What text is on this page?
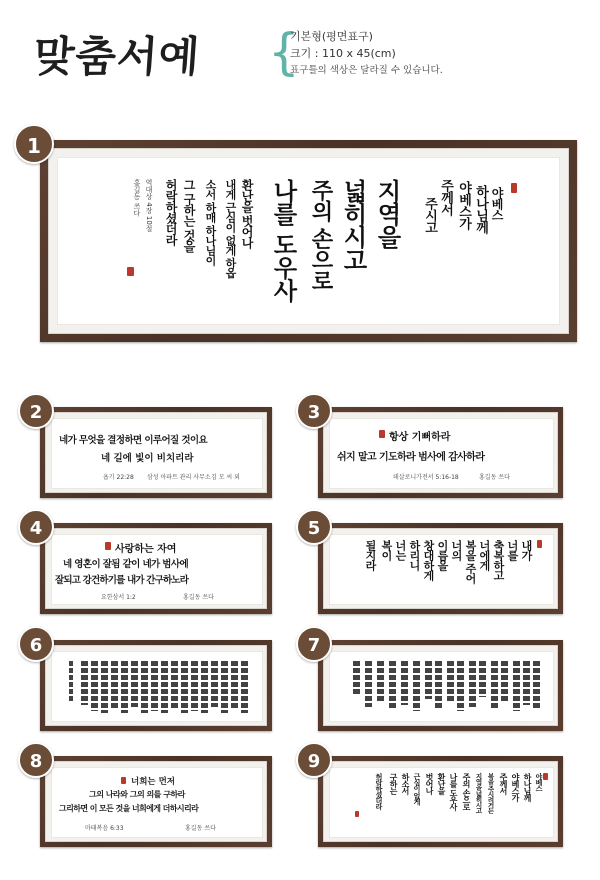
맞춤서예 {
기본형(평면표구)
크기 : 110 x 45(cm)
표구틀의 색상은 달라질 수 있습니다.
야베스
하나님께
야베스가
주께서
주시고
지역을
넓히시고
주의 손으로
나를 도우사
환난을 벗어나
내게 근심이 없게 하옵
소서 하매 하나님이
그 구하는 것을
허락하셨더라
역대상 4장 10절
홍길동 쓰다
1
네가 무엇을 결정하면 이루어질 것이요
네 길에 빛이 비치리라
욥기 22:28 삼성 아파트 관리 사무소 김 모 씨 외
2
항상 기뻐하라
쉬지 말고 기도하라 범사에 감사하라
데살로니가전서 5:16-18	홍길동 쓰다
3
사랑하는 자여
네 영혼이 잘됨 같이 네가 범사에
잘되고 강건하기를 내가 간구하노라
요한삼서 1:2	홍길동 쓰다
4
내가
너를
축복하고
너에게
복을 주어
너의
이름을
창대하게
하리니
너는
복이
될지라
5
6	7
너희는 먼저
그의 나라와 그의 의를 구하라
그리하면 이 모든 것을 너희에게 더하시리라
마태복음 6:33	홍길동 쓰다
8
야베스
하나님께
야베스가
주께서
복을 주시려거든
지역을 넓히시고
주의 손으로
나를 도우사
환난을
벗어나
근심이 없게
하소서
구하는
허락하셨더라
9
